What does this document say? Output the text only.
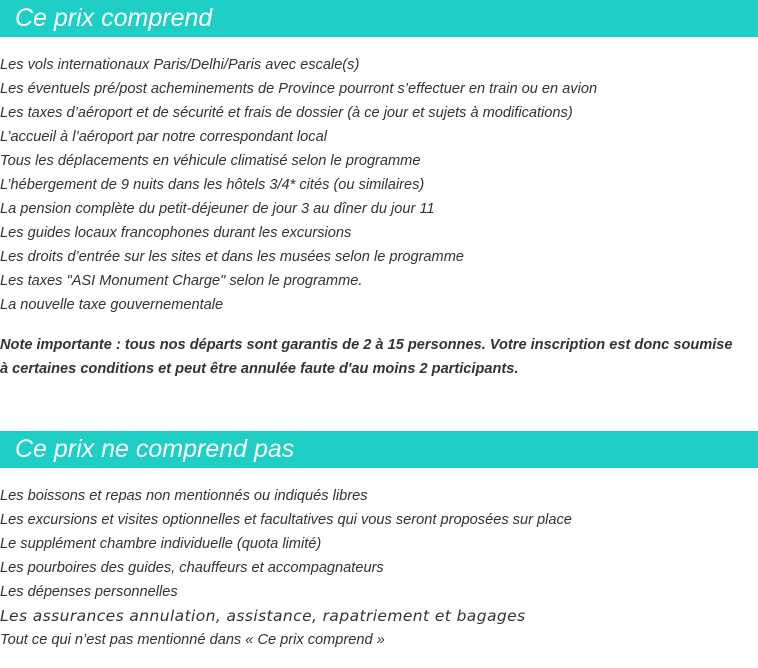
Ce prix comprend
Les vols internationaux Paris/Delhi/Paris avec escale(s)
Les éventuels pré/post acheminements de Province pourront s’effectuer en train ou en avion
Les taxes d’aéroport et de sécurité et frais de dossier (à ce jour et sujets à modifications)
L’accueil à l’aéroport par notre correspondant local
Tous les déplacements en véhicule climatisé selon le programme
L’hébergement de 9 nuits dans les hôtels 3/4* cités (ou similaires)
La pension complète du petit-déjeuner de jour 3 au dîner du jour 11
Les guides locaux francophones durant les excursions
Les droits d’entrée sur les sites et dans les musées selon le programme
Les taxes "ASI Monument Charge" selon le programme.
La nouvelle taxe gouvernementale

Note importante : tous nos départs sont garantis de 2 à 15 personnes. Votre inscription est donc soumise à certaines conditions et peut être annulée faute d'au moins 2 participants.

Ce prix ne comprend pas
Les boissons et repas non mentionnés ou indiqués libres
Les excursions et visites optionnelles et facultatives qui vous seront proposées sur place
Le supplément chambre individuelle (quota limité)
Les pourboires des guides, chauffeurs et accompagnateurs
Les dépenses personnelles
Les assurances annulation, assistance, rapatriement et bagages
Tout ce qui n’est pas mentionné dans « Ce prix comprend »
